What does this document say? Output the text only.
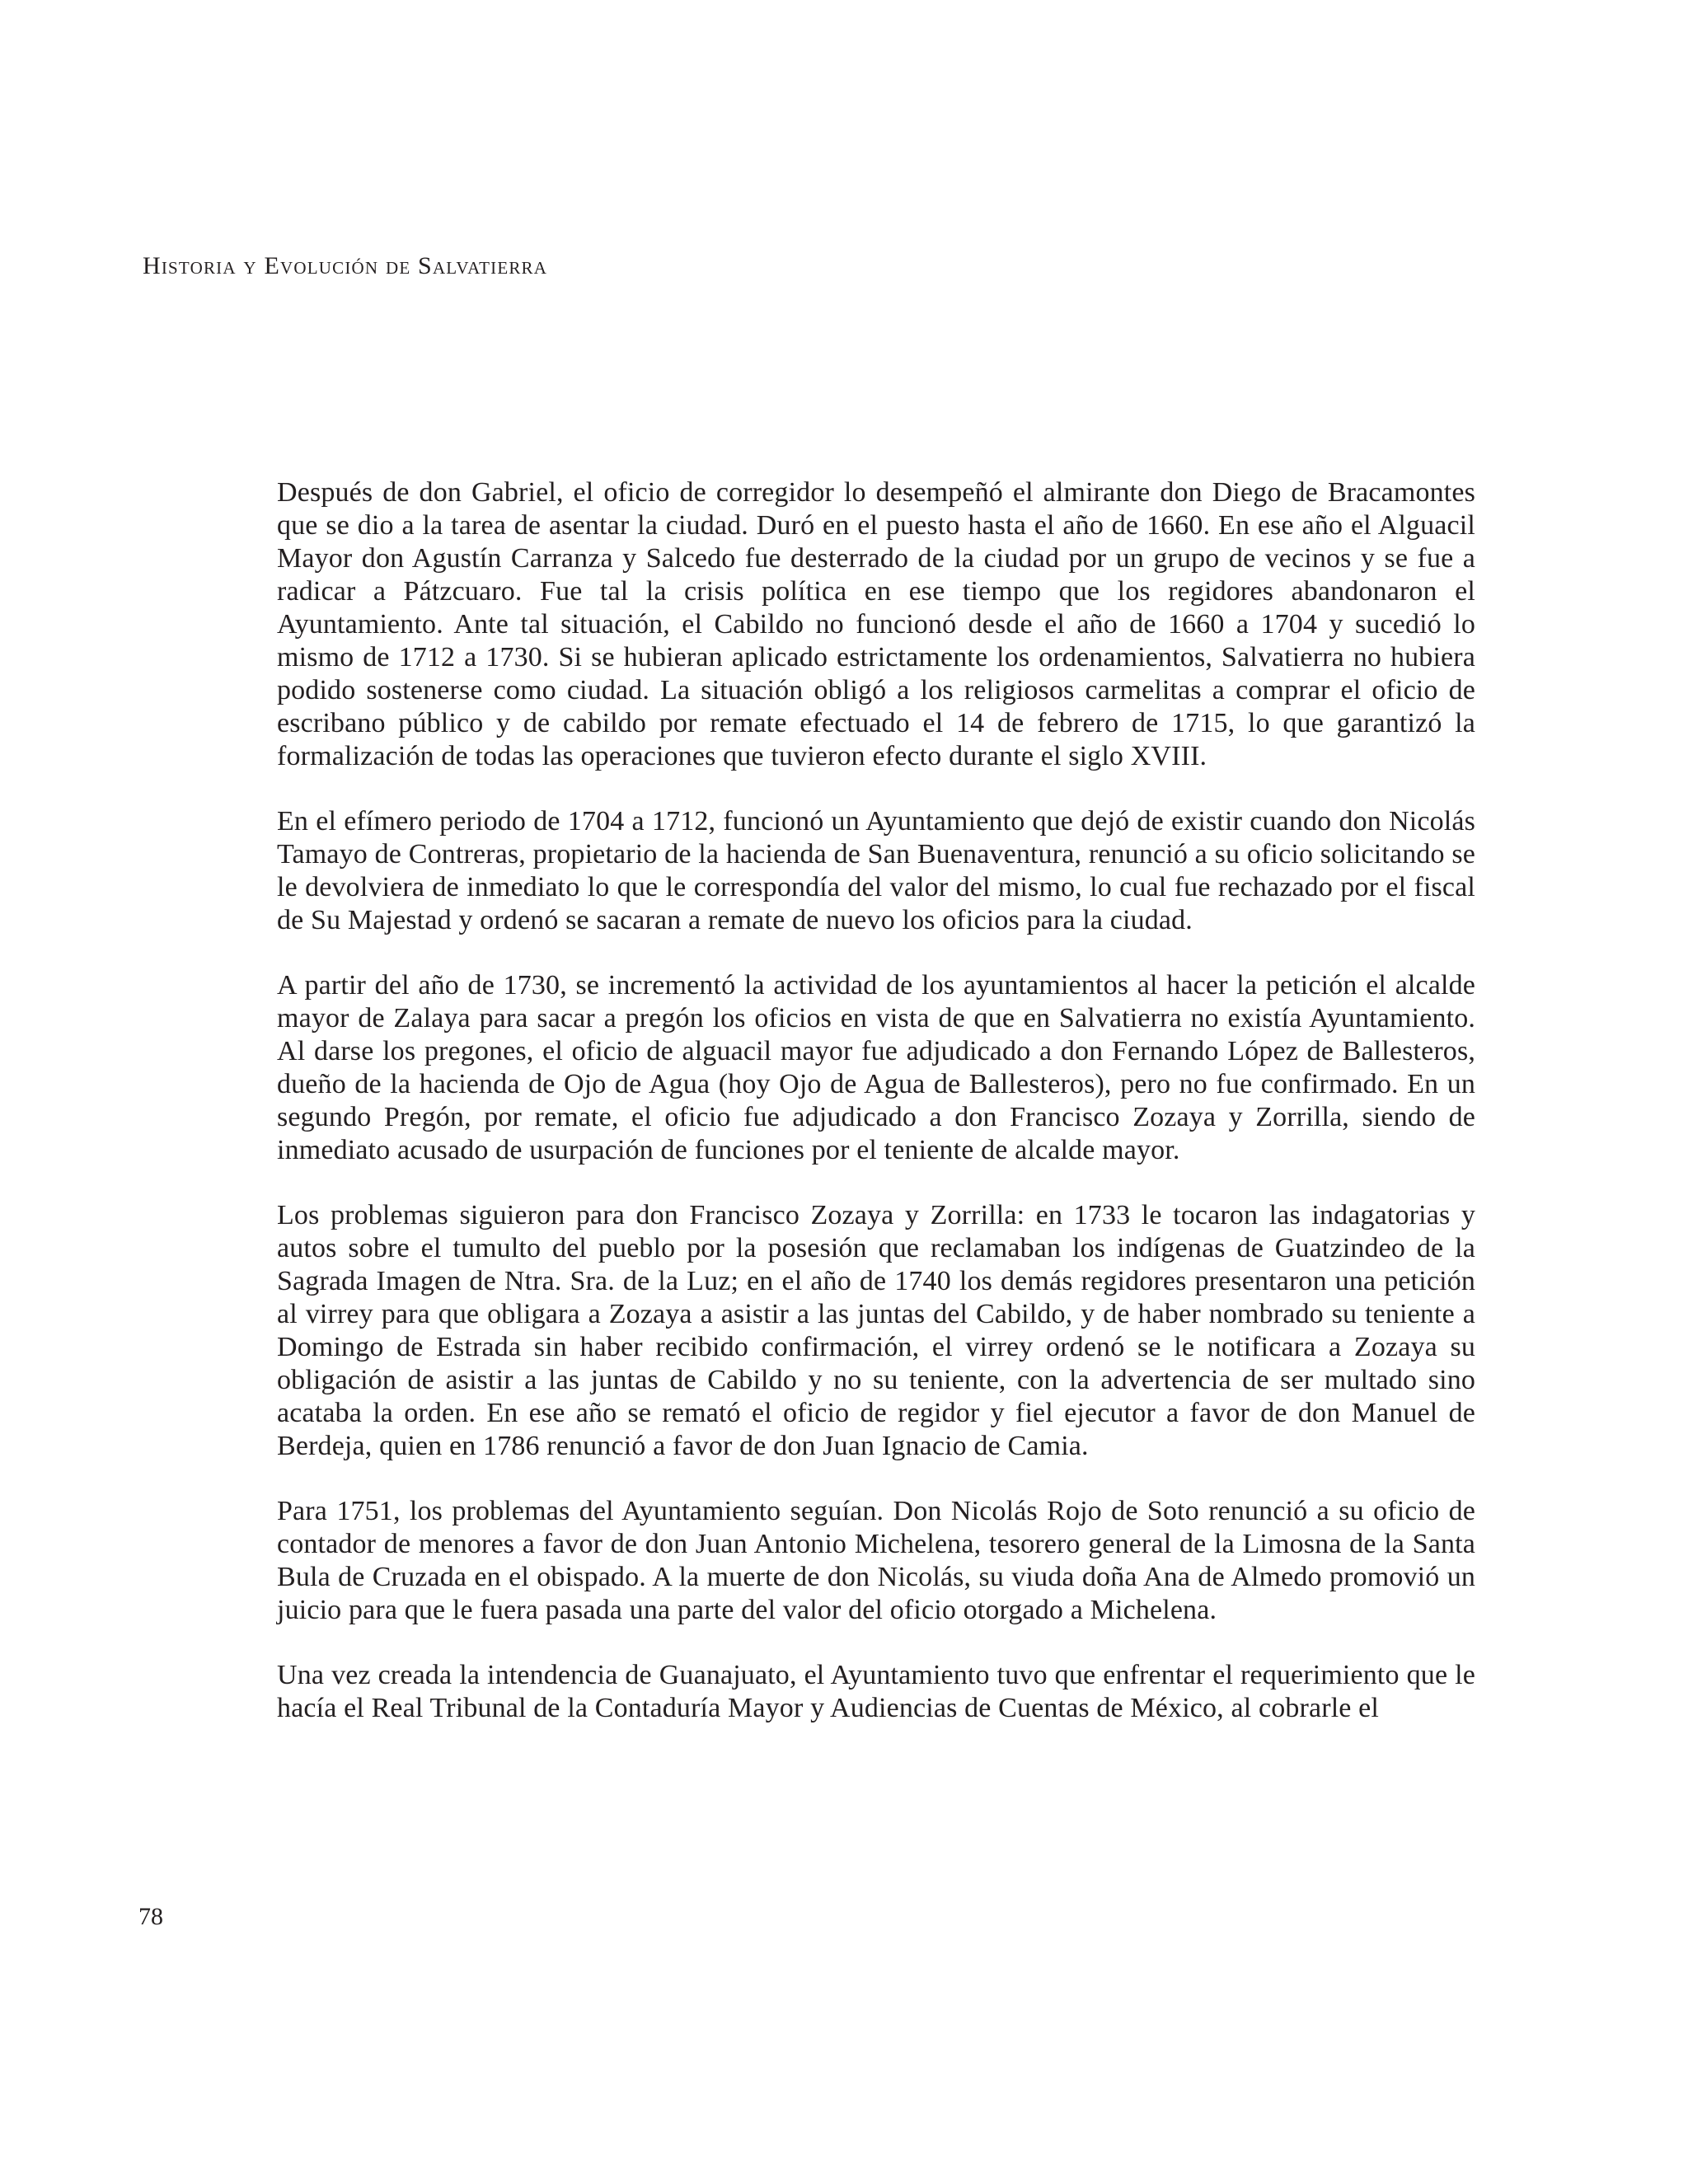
Historia y Evolución de Salvatierra

Después de don Gabriel, el oficio de corregidor lo desempeñó el almirante don Diego de Bracamontes que se dio a la tarea de asentar la ciudad. Duró en el puesto hasta el año de 1660. En ese año el Alguacil Mayor don Agustín Carranza y Salcedo fue desterrado de la ciudad por un grupo de vecinos y se fue a radicar a Pátzcuaro. Fue tal la crisis política en ese tiempo que los regidores abandonaron el Ayuntamiento. Ante tal situación, el Cabildo no funcionó desde el año de 1660 a 1704 y sucedió lo mismo de 1712 a 1730. Si se hubieran aplicado estrictamente los ordenamientos, Salvatierra no hubiera podido sostenerse como ciudad. La situación obligó a los religiosos carmelitas a comprar el oficio de escribano público y de cabildo por remate efectuado el 14 de febrero de 1715, lo que garantizó la formalización de todas las operaciones que tuvieron efecto durante el siglo XVIII.

En el efímero periodo de 1704 a 1712, funcionó un Ayuntamiento que dejó de existir cuando don Nicolás Tamayo de Contreras, propietario de la hacienda de San Buenaventura, renunció a su oficio solicitando se le devolviera de inmediato lo que le correspondía del valor del mismo, lo cual fue rechazado por el fiscal de Su Majestad y ordenó se sacaran a remate de nuevo los oficios para la ciudad.

A partir del año de 1730, se incrementó la actividad de los ayuntamientos al hacer la petición el alcalde mayor de Zalaya para sacar a pregón los oficios en vista de que en Salvatierra no existía Ayuntamiento. Al darse los pregones, el oficio de alguacil mayor fue adjudicado a don Fernando López de Ballesteros, dueño de la hacienda de Ojo de Agua (hoy Ojo de Agua de Ballesteros), pero no fue confirmado. En un segundo Pregón, por remate, el oficio fue adjudicado a don Francisco Zozaya y Zorrilla, siendo de inmediato acusado de usurpación de funciones por el teniente de alcalde mayor.

Los problemas siguieron para don Francisco Zozaya y Zorrilla: en 1733 le tocaron las indagatorias y autos sobre el tumulto del pueblo por la posesión que reclamaban los indígenas de Guatzindeo de la Sagrada Imagen de Ntra. Sra. de la Luz; en el año de 1740 los demás regidores presentaron una petición al virrey para que obligara a Zozaya a asistir a las juntas del Cabildo, y de haber nombrado su teniente a Domingo de Estrada sin haber recibido confirmación, el virrey ordenó se le notificara a Zozaya su obligación de asistir a las juntas de Cabildo y no su teniente, con la advertencia de ser multado sino acataba la orden. En ese año se remató el oficio de regidor y fiel ejecutor a favor de don Manuel de Berdeja, quien en 1786 renunció a favor de don Juan Ignacio de Camia.

Para 1751, los problemas del Ayuntamiento seguían. Don Nicolás Rojo de Soto renunció a su oficio de contador de menores a favor de don Juan Antonio Michelena, tesorero general de la Limosna de la Santa Bula de Cruzada en el obispado. A la muerte de don Nicolás, su viuda doña Ana de Almedo promovió un juicio para que le fuera pasada una parte del valor del oficio otorgado a Michelena.

Una vez creada la intendencia de Guanajuato, el Ayuntamiento tuvo que enfrentar el requerimiento que le hacía el Real Tribunal de la Contaduría Mayor y Audiencias de Cuentas de México, al cobrarle el

78
